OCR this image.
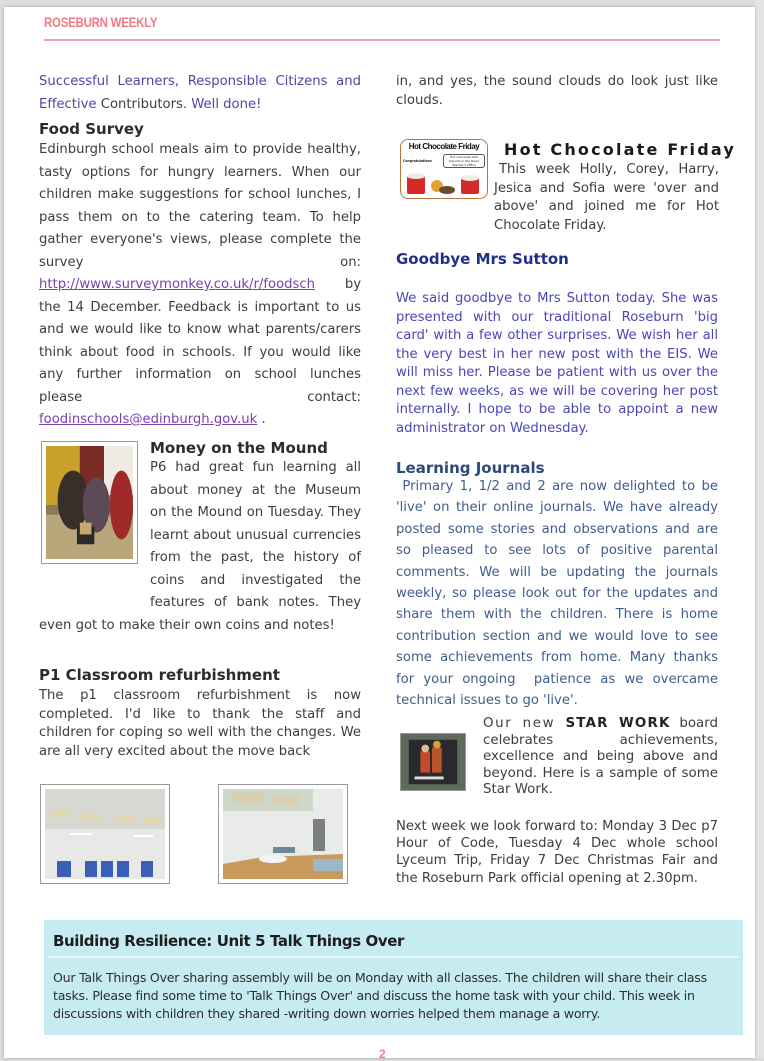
ROSEBURN WEEKLY
Successful Learners, Responsible Citizens and Effective Contributors. Well done!
Food Survey
Edinburgh school meals aim to provide healthy, tasty options for hungry learners. When our children make suggestions for school lunches, I pass them on to the catering team. To help gather everyone's views, please complete the survey on: http://www.surveymonkey.co.uk/r/foodsch by the 14 December. Feedback is important to us and we would like to know what parents/carers think about food in schools. If you would like any further information on school lunches please contact: foodinschools@edinburgh.gov.uk .
Money on the Mound
P6 had great fun learning all about money at the Museum on the Mound on Tuesday. They learnt about unusual currencies from the past, the history of coins and investigated the features of bank notes. They even got to make their own coins and notes!
P1 Classroom refurbishment
The p1 classroom refurbishment is now completed. I'd like to thank the staff and children for coping so well with the changes. We are all very excited about the move back
in, and yes, the sound clouds do look just like clouds.
Hot Chocolate Friday
Congratulations
Hot chocolate with biscuits in the Head Teacher's Office
Hot Chocolate Friday
This week Holly, Corey, Harry, Jesica and Sofia were 'over and above' and joined me for Hot Chocolate Friday.
Goodbye Mrs Sutton
We said goodbye to Mrs Sutton today. She was presented with our traditional Roseburn 'big card' with a few other surprises. We wish her all the very best in her new post with the EIS. We will miss her. Please be patient with us over the next few weeks, as we will be covering her post internally. I hope to be able to appoint a new administrator on Wednesday.
Learning Journals
Primary 1, 1/2 and 2 are now delighted to be 'live' on their online journals. We have already posted some stories and observations and are so pleased to see lots of positive parental comments. We will be updating the journals weekly, so please look out for the updates and share them with the children. There is home contribution section and we would love to see some achievements from home. Many thanks for your ongoing  patience as we overcame technical issues to go 'live'.
Our new STAR WORK board celebrates achievements, excellence and being above and beyond. Here is a sample of some Star Work.
Next week we look forward to: Monday 3 Dec p7 Hour of Code, Tuesday 4 Dec whole school Lyceum Trip, Friday 7 Dec Christmas Fair and the Roseburn Park official opening at 2.30pm.
Building Resilience: Unit 5 Talk Things Over
Our Talk Things Over sharing assembly will be on Monday with all classes. The children will share their class tasks. Please find some time to 'Talk Things Over' and discuss the home task with your child. This week in discussions with children they shared -writing down worries helped them manage a worry.
2
